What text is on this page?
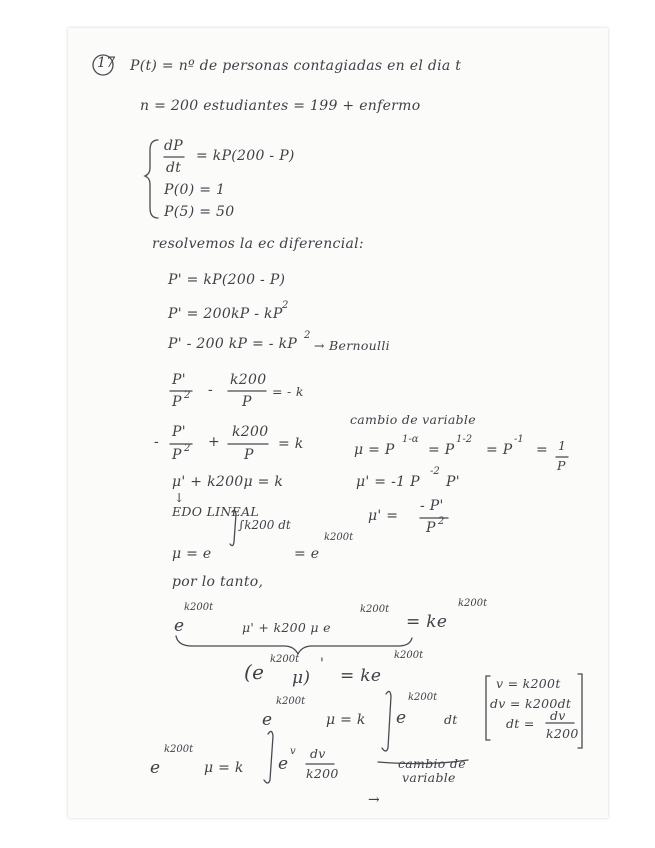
17 P(t) = nº de personas contagiadas en el dia t
n = 200 estudiantes = 199 + enfermo
dP
dt
= kP(200 - P)
P(0) = 1
P(5) = 50
resolvemos la ec diferencial:
P' = kP(200 - P)
P' = 200kP - kP
2
P' - 200 kP = - kP
2
→ Bernoulli
P'
P 2 -
k200
P
= - k
-
P'
P 2 +
k200
P
= k
cambio de variable
μ = P
1-α
= P
1-2
= P
-1
= 1
P
μ' = -1 P
-2
P'
μ' =
- P'
P 2
μ' + k200μ = k
↓
EDO LINEAL
μ = e
∫k200 dt
= e
k200t
por lo tanto,
e
k200t
μ' + k200 μ e
k200t
= ke
k200t
(e
k200t
μ)
'
= ke
k200t
e
k200t
μ = k e
k200t
dt
v = k200t
dv = k200dt
dt =
dv
k200
e
k200t
μ = k e
v dv
k200
cambio de
variable
→
